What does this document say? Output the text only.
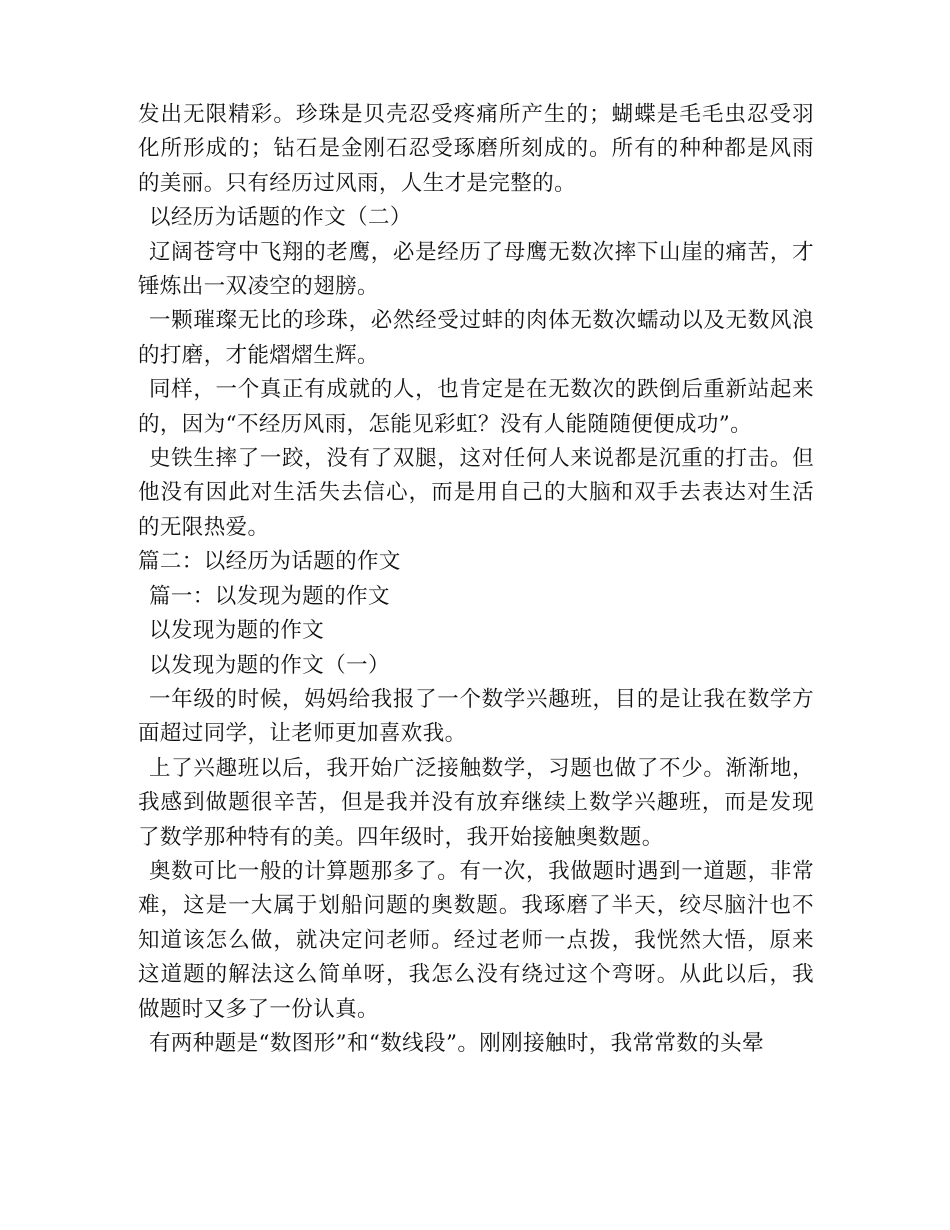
发出无限精彩。珍珠是贝壳忍受疼痛所产生的；蝴蝶是毛毛虫忍受羽化所形成的；钻石是金刚石忍受琢磨所刻成的。所有的种种都是风雨的美丽。只有经历过风雨，人生才是完整的。

以经历为话题的作文（二）

辽阔苍穹中飞翔的老鹰，必是经历了母鹰无数次摔下山崖的痛苦，才锤炼出一双凌空的翅膀。

一颗璀璨无比的珍珠，必然经受过蚌的肉体无数次蠕动以及无数风浪的打磨，才能熠熠生辉。

同样，一个真正有成就的人，也肯定是在无数次的跌倒后重新站起来的，因为“不经历风雨，怎能见彩虹？没有人能随随便便成功”。

史铁生摔了一跤，没有了双腿，这对任何人来说都是沉重的打击。但他没有因此对生活失去信心，而是用自己的大脑和双手去表达对生活的无限热爱。

篇二：以经历为话题的作文

篇一：以发现为题的作文

以发现为题的作文

以发现为题的作文（一）

一年级的时候，妈妈给我报了一个数学兴趣班，目的是让我在数学方面超过同学，让老师更加喜欢我。

上了兴趣班以后，我开始广泛接触数学，习题也做了不少。渐渐地，我感到做题很辛苦，但是我并没有放弃继续上数学兴趣班，而是发现了数学那种特有的美。四年级时，我开始接触奥数题。

奥数可比一般的计算题那多了。有一次，我做题时遇到一道题，非常难，这是一大属于划船问题的奥数题。我琢磨了半天，绞尽脑汁也不知道该怎么做，就决定问老师。经过老师一点拨，我恍然大悟，原来这道题的解法这么简单呀，我怎么没有绕过这个弯呀。从此以后，我做题时又多了一份认真。

有两种题是“数图形”和“数线段”。刚刚接触时，我常常数的头晕
